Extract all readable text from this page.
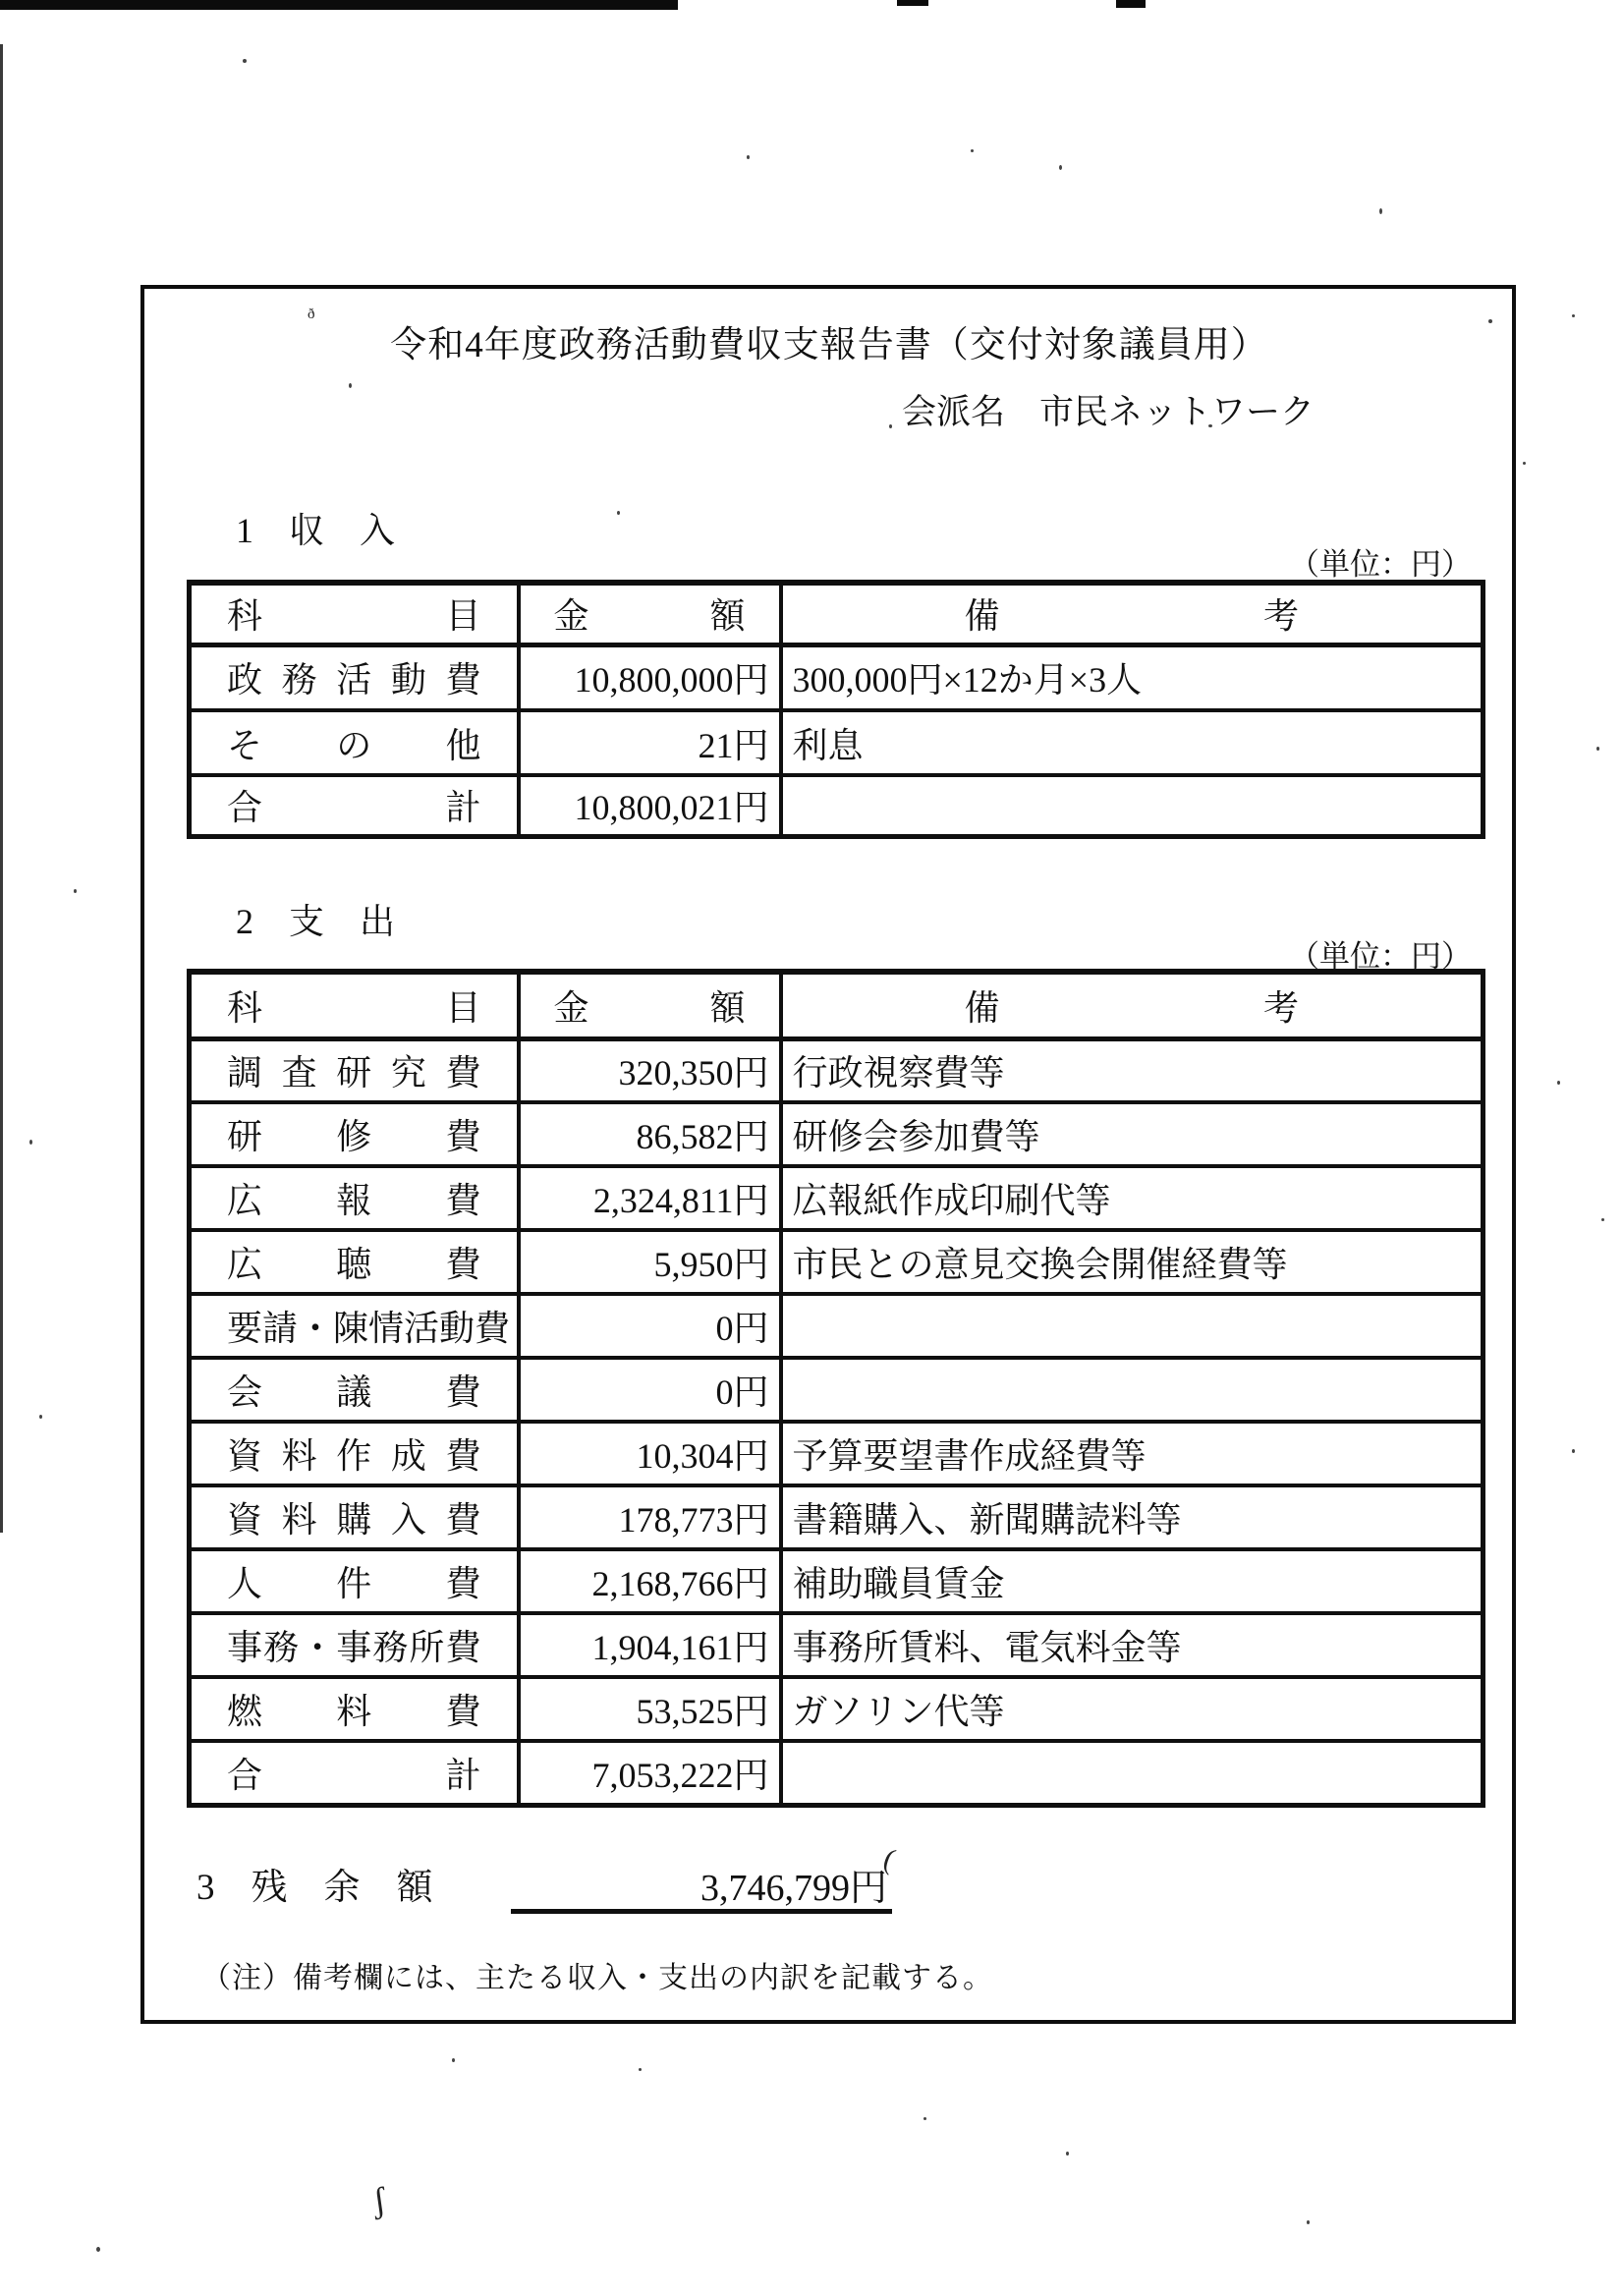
ð
(
ʃ
令和4年度政務活動費収支報告書（交付対象議員用）
会派名　 市民ネットワーク
1　収　入
（単位：円）
科目	金額	備考
政務活動費	10,800,000円	300,000円×12か月×3人
その他	21円	利息
合計	10,800,021円	
2　支　出
（単位：円）
科目	金額	備考
調査研究費	320,350円	行政視察費等
研修費	86,582円	研修会参加費等
広報費	2,324,811円	広報紙作成印刷代等
広聴費	5,950円	市民との意見交換会開催経費等
要請・陳情活動費	0円	
会議費	0円	
資料作成費	10,304円	予算要望書作成経費等
資料購入費	178,773円	書籍購入、新聞購読料等
人件費	2,168,766円	補助職員賃金
事務・事務所費	1,904,161円	事務所賃料、電気料金等
燃料費	53,525円	ガソリン代等
合計	7,053,222円	
3　残　余　額	3,746,799円
（注）備考欄には、主たる収入・支出の内訳を記載する。
